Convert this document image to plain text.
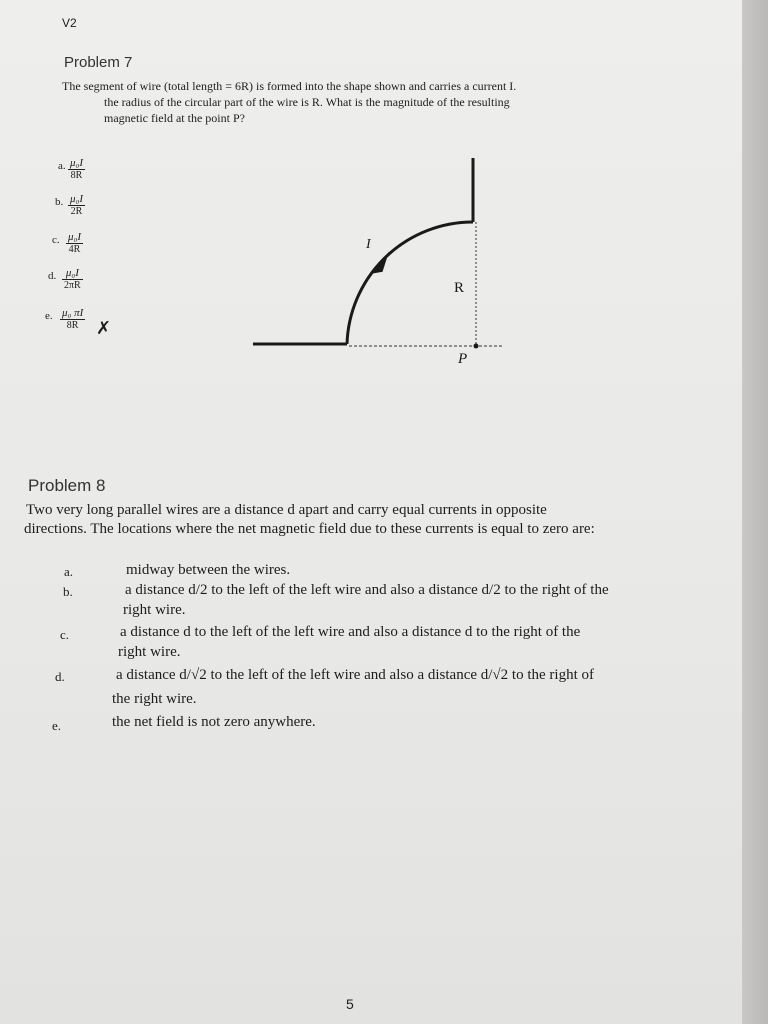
V2
Problem 7
The segment of wire (total length = 6R) is formed into the shape shown and carries a current I.
the radius of the circular part of the wire is R. What is the magnitude of the resulting
magnetic field at the point P?
a. $\frac{\text{μ₀I}}{8R}$
b. $\frac{\text{μ₀I}}{2R}$
c. $\frac{\text{μ₀I}}{4R}$
d. $\frac{\text{μ₀I}}{2\pi R}$
e. $\frac{\text{μ₀ πI}}{8R}$ ✗
I
R
P
Problem 8
Two very long parallel wires are a distance d apart and carry equal currents in opposite
directions. The locations where the net magnetic field due to these currents is equal to zero are:
a.	midway between the wires.
b.	a distance d/2 to the left of the left wire and also a distance d/2 to the right of the
right wire.
c.	a distance d to the left of the left wire and also a distance d to the right of the
right wire.
d.	a distance d/√2 to the left of the left wire and also a distance d/√2 to the right of
the right wire.
e.	the net field is not zero anywhere.
5
